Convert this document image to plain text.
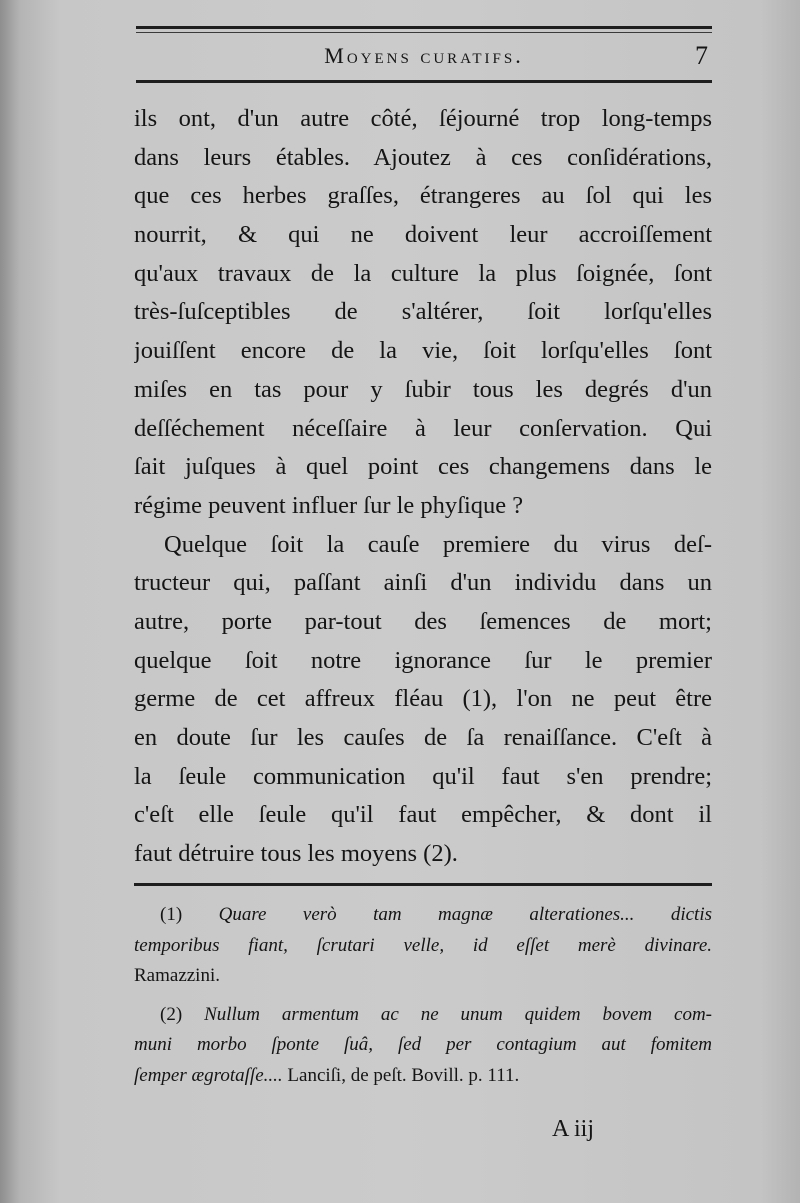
Moyens curatifs.	7
ils ont, d'un autre côté, ſéjourné trop long-temps
dans leurs étables. Ajoutez à ces conſidérations,
que ces herbes graſſes, étrangeres au ſol qui les
nourrit, & qui ne doivent leur accroiſſement
qu'aux travaux de la culture la plus ſoignée, ſont
très-ſuſceptibles de s'altérer, ſoit lorſqu'elles
jouiſſent encore de la vie, ſoit lorſqu'elles ſont
miſes en tas pour y ſubir tous les degrés d'un
deſſéchement néceſſaire à leur conſervation. Qui
ſait juſques à quel point ces changemens dans le
régime peuvent influer ſur le phyſique ?
Quelque ſoit la cauſe premiere du virus deſ-
tructeur qui, paſſant ainſi d'un individu dans un
autre, porte par-tout des ſemences de mort;
quelque ſoit notre ignorance ſur le premier
germe de cet affreux fléau (1), l'on ne peut être
en doute ſur les cauſes de ſa renaiſſance. C'eſt à
la ſeule communication qu'il faut s'en prendre;
c'eſt elle ſeule qu'il faut empêcher, & dont il
faut détruire tous les moyens (2).
(1) Quare verò tam magnæ alterationes... dictis
temporibus fiant, ſcrutari velle, id eſſet merè divinare.
Ramazzini.
(2) Nullum armentum ac ne unum quidem bovem com-
muni morbo ſponte ſuâ, ſed per contagium aut fomitem
ſemper ægrotaſſe.... Lanciſi, de peſt. Bovill. p. 111.
A iij
